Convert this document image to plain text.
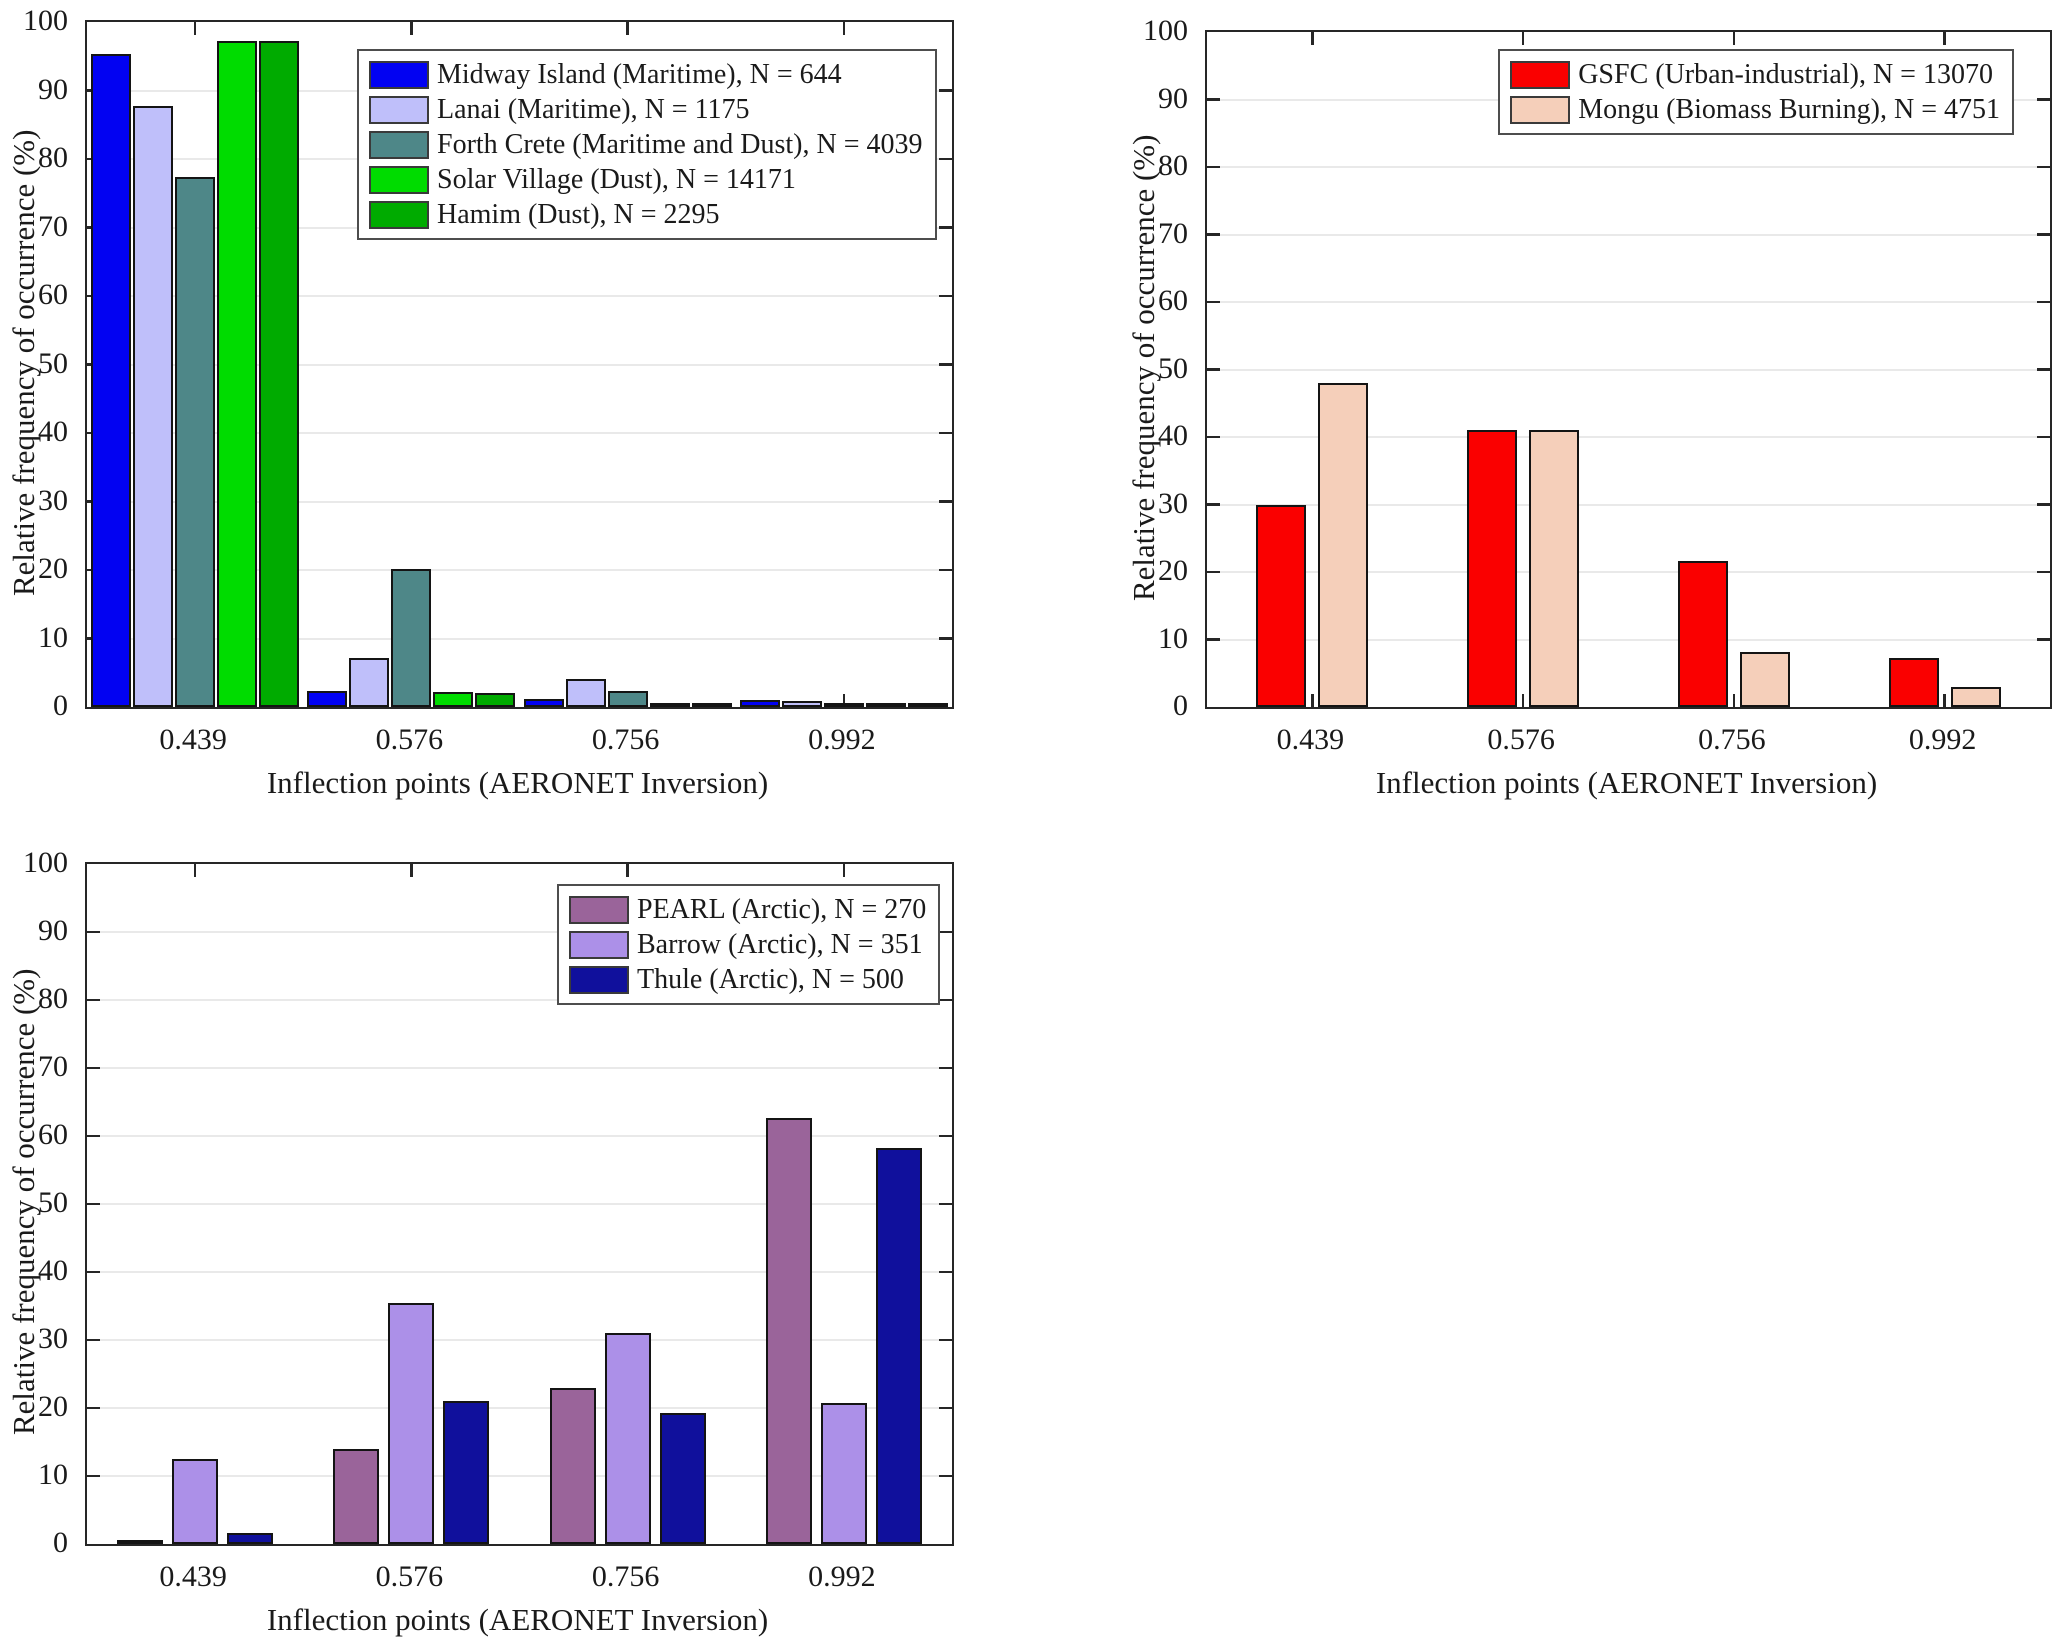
Relative frequency of occurrence (%)
Midway Island (Maritime), N = 644
Lanai (Maritime), N = 1175
Forth Crete (Maritime and Dust), N = 4039
Solar Village (Dust), N = 14171
Hamim (Dust), N = 2295
Inflection points (AERONET Inversion)
0
10
20
30
40
50
60
70
80
90
100
0.439	0.576	0.756	0.992
Relative frequency of occurrence (%)
GSFC (Urban-industrial), N = 13070
Mongu (Biomass Burning), N = 4751
Inflection points (AERONET Inversion)
0
10
20
30
40
50
60
70
80
90
100
0.439	0.576	0.756	0.992
Relative frequency of occurrence (%)
PEARL (Arctic), N = 270
Barrow (Arctic), N = 351
Thule (Arctic), N = 500
Inflection points (AERONET Inversion)
0
10
20
30
40
50
60
70
80
90
100
0.439	0.576	0.756	0.992
